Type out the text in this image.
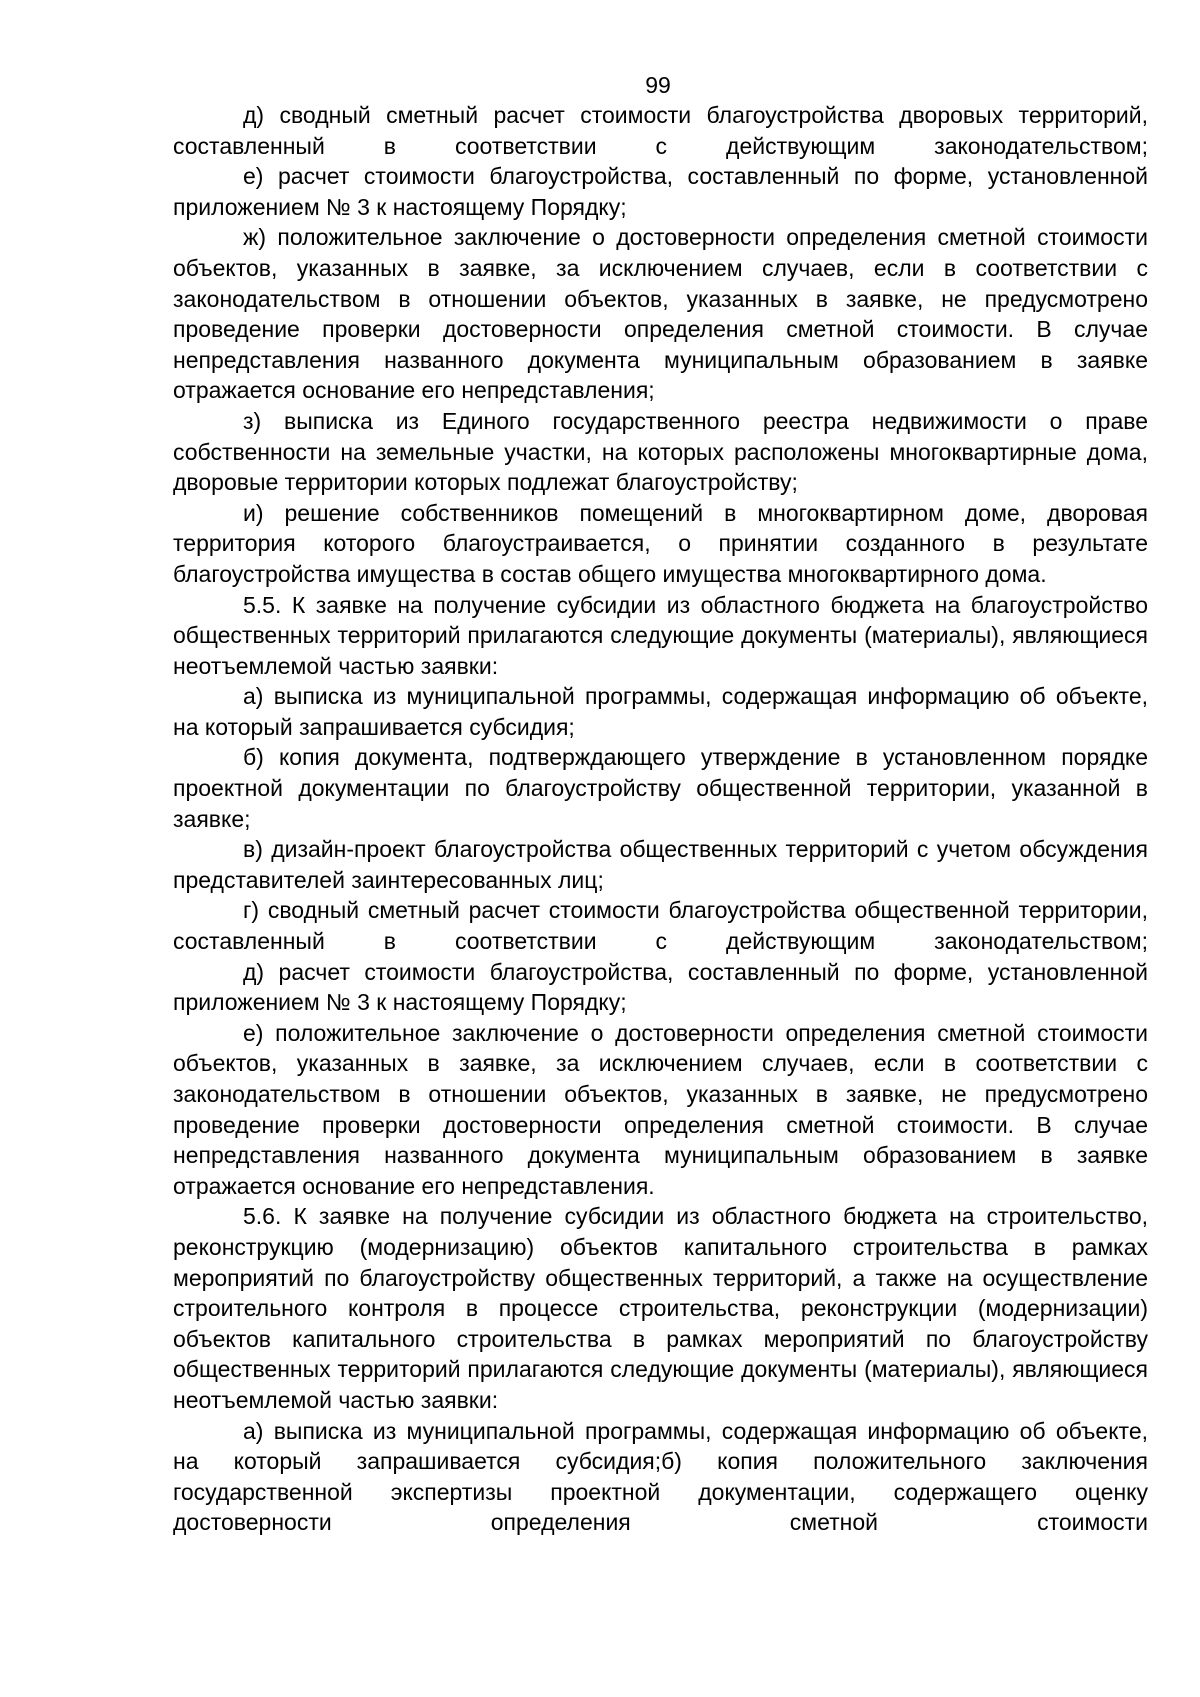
99

д) сводный сметный расчет стоимости благоустройства дворовых территорий, составленный в соответствии с действующим законодательством;

е) расчет стоимости благоустройства, составленный по форме, установленной приложением № 3 к настоящему Порядку;

ж) положительное заключение о достоверности определения сметной стоимости объектов, указанных в заявке, за исключением случаев, если в соответствии с законодательством в отношении объектов, указанных в заявке, не предусмотрено проведение проверки достоверности определения сметной стоимости. В случае непредставления названного документа муниципальным образованием в заявке отражается основание его непредставления;

з) выписка из Единого государственного реестра недвижимости о праве собственности на земельные участки, на которых расположены многоквартирные дома, дворовые территории которых подлежат благоустройству;

и) решение собственников помещений в многоквартирном доме, дворовая территория которого благоустраивается, о принятии созданного в результате благоустройства имущества в состав общего имущества многоквартирного дома.

5.5. К заявке на получение субсидии из областного бюджета на благоустройство общественных территорий прилагаются следующие документы (материалы), являющиеся неотъемлемой частью заявки:

а) выписка из муниципальной программы, содержащая информацию об объекте, на который запрашивается субсидия;

б) копия документа, подтверждающего утверждение в установленном порядке проектной документации по благоустройству общественной территории, указанной в заявке;

в) дизайн-проект благоустройства общественных территорий с учетом обсуждения представителей заинтересованных лиц;

г) сводный сметный расчет стоимости благоустройства общественной территории, составленный в соответствии с действующим законодательством;

д) расчет стоимости благоустройства, составленный по форме, установленной приложением № 3 к настоящему Порядку;

е) положительное заключение о достоверности определения сметной стоимости объектов, указанных в заявке, за исключением случаев, если в соответствии с законодательством в отношении объектов, указанных в заявке, не предусмотрено проведение проверки достоверности определения сметной стоимости. В случае непредставления названного документа муниципальным образованием в заявке отражается основание его непредставления.

5.6. К заявке на получение субсидии из областного бюджета на строительство, реконструкцию (модернизацию) объектов капитального строительства в рамках мероприятий по благоустройству общественных территорий, а также на осуществление строительного контроля в процессе строительства, реконструкции (модернизации) объектов капитального строительства в рамках мероприятий по благоустройству общественных территорий прилагаются следующие документы (материалы), являющиеся неотъемлемой частью заявки:

а) выписка из муниципальной программы, содержащая информацию об объекте, на который запрашивается субсидия;б) копия положительного заключения государственной экспертизы проектной документации, содержащего оценку достоверности определения сметной стоимости
